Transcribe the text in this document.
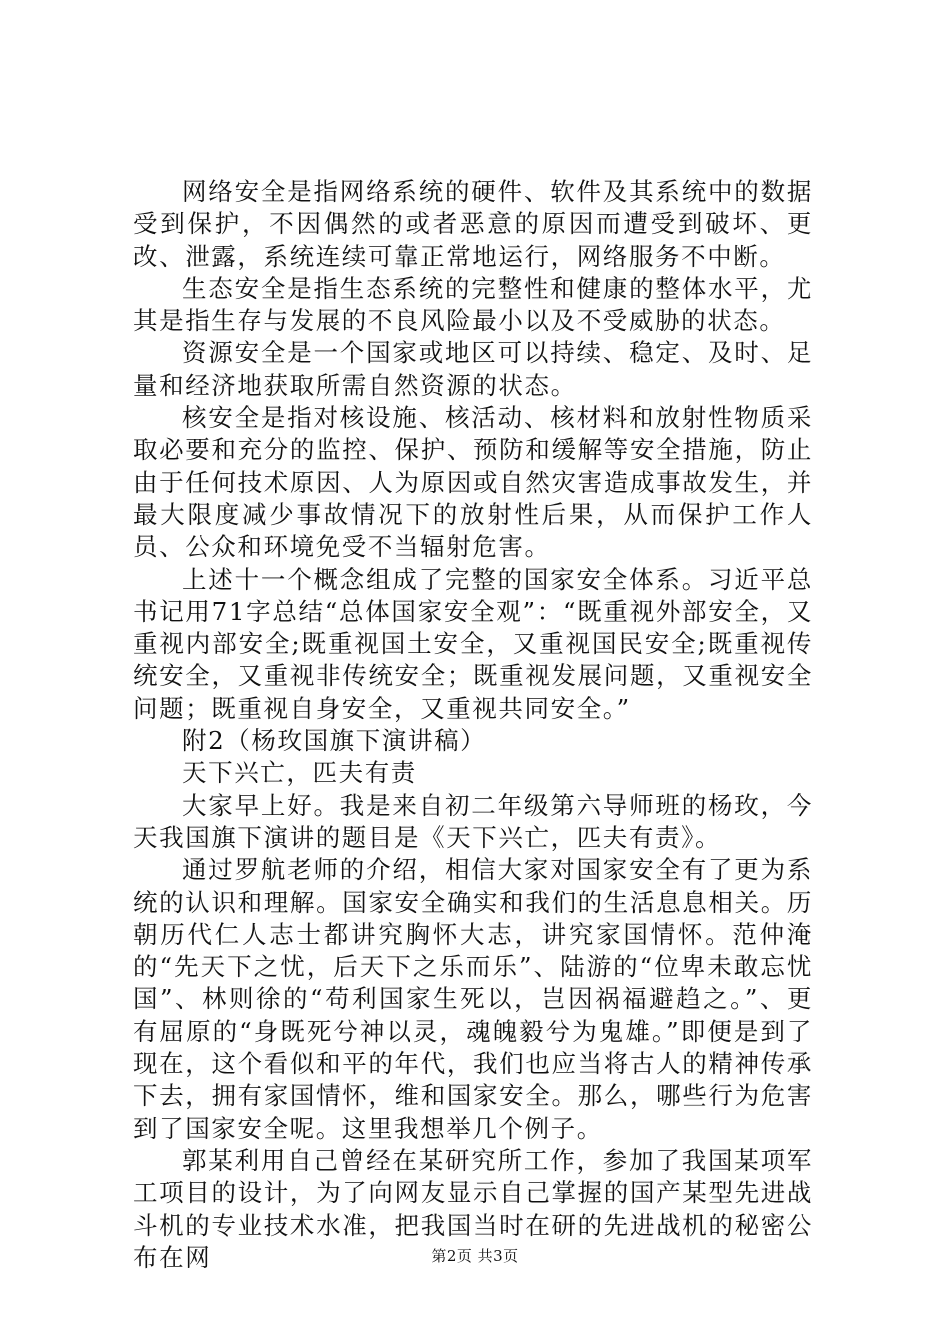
网络安全是指网络系统的硬件、软件及其系统中的数据受到保护，不因偶然的或者恶意的原因而遭受到破坏、更改、泄露，系统连续可靠正常地运行，网络服务不中断。

生态安全是指生态系统的完整性和健康的整体水平，尤其是指生存与发展的不良风险最小以及不受威胁的状态。

资源安全是一个国家或地区可以持续、稳定、及时、足量和经济地获取所需自然资源的状态。

核安全是指对核设施、核活动、核材料和放射性物质采取必要和充分的监控、保护、预防和缓解等安全措施，防止由于任何技术原因、人为原因或自然灾害造成事故发生，并最大限度减少事故情况下的放射性后果，从而保护工作人员、公众和环境免受不当辐射危害。

上述十一个概念组成了完整的国家安全体系。习近平总书记用71字总结“总体国家安全观”：“既重视外部安全，又重视内部安全;既重视国土安全，又重视国民安全;既重视传统安全，又重视非传统安全；既重视发展问题，又重视安全问题；既重视自身安全，又重视共同安全。”

附2（杨玫国旗下演讲稿）

天下兴亡，匹夫有责

大家早上好。我是来自初二年级第六导师班的杨玫，今天我国旗下演讲的题目是《天下兴亡，匹夫有责》。

通过罗航老师的介绍，相信大家对国家安全有了更为系统的认识和理解。国家安全确实和我们的生活息息相关。历朝历代仁人志士都讲究胸怀大志，讲究家国情怀。范仲淹的“先天下之忧，后天下之乐而乐”、陆游的“位卑未敢忘忧国”、林则徐的“苟利国家生死以，岂因祸福避趋之。”、更有屈原的“身既死兮神以灵，魂魄毅兮为鬼雄。”即便是到了现在，这个看似和平的年代，我们也应当将古人的精神传承下去，拥有家国情怀，维和国家安全。那么，哪些行为危害到了国家安全呢。这里我想举几个例子。

郭某利用自己曾经在某研究所工作，参加了我国某项军工项目的设计，为了向网友显示自己掌握的国产某型先进战斗机的专业技术水准，把我国当时在研的先进战机的秘密公布在网	第2页 共3页
